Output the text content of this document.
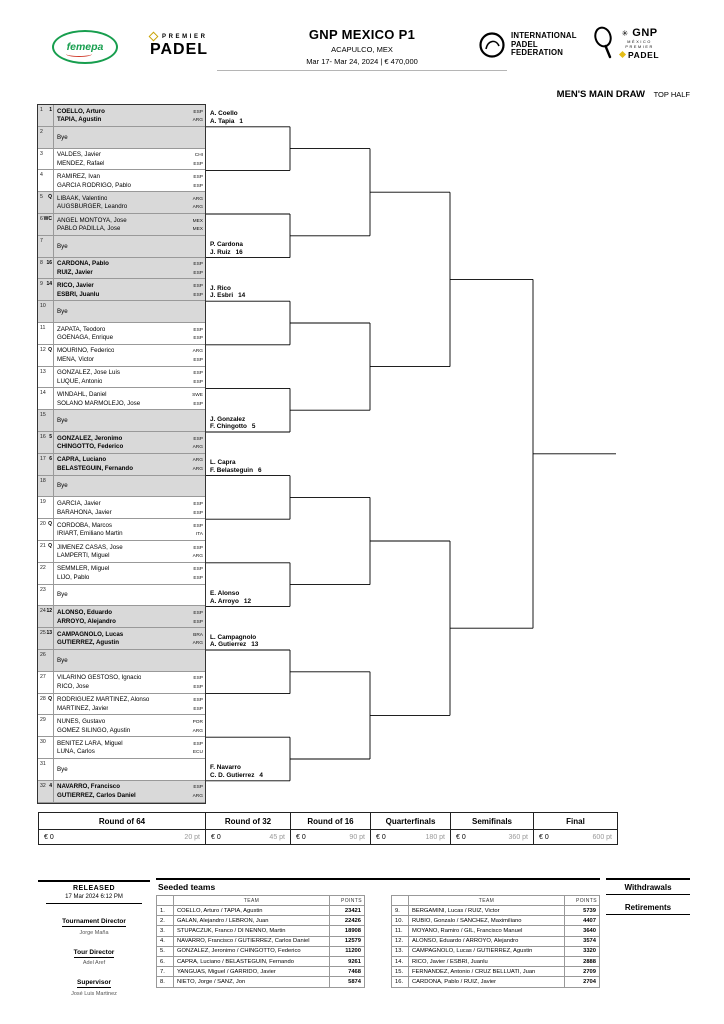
femepa
PREMIER
PADEL
GNP MEXICO P1
ACAPULCO, MEX
Mar 17- Mar 24, 2024 | € 470,000
INTERNATIONAL
PADEL
FEDERATION
✳ GNP
MÉXICO
PREMIER
PADEL
MEN'S MAIN DRAW TOP HALF
1 1 COELLO, Arturo	ESP
TAPIA, Agustin	ARG
2
Bye
3 VALDES, Javier	CHI
MENDEZ, Rafael	ESP
4 RAMIREZ, Ivan	ESP
GARCIA RODRIGO, Pablo	ESP
5 Q LIBAAK, Valentino	ARG
AUGSBURGER, Leandro	ARG
6 WC ANGEL MONTOYA, Jose	MEX
PABLO PADILLA, Jose	MEX
7
Bye
8 16 CARDONA, Pablo	ESP
RUIZ, Javier	ESP
9 14 RICO, Javier	ESP
ESBRI, Juanlu	ESP
10
Bye
11 ZAPATA, Teodoro	ESP
GOENAGA, Enrique	ESP
12 Q MOURIÑO, Federico	ARG
MENA, Victor	ESP
13 GONZALEZ, Jose Luis	ESP
LUQUE, Antonio	ESP
14 WINDAHL, Daniel	SWE
SOLANO MARMOLEJO, Jose	ESP
15
Bye
16 5 GONZALEZ, Jeronimo	ESP
CHINGOTTO, Federico	ARG
17 6 CAPRA, Luciano	ARG
BELASTEGUIN, Fernando	ARG
18
Bye
19 GARCIA, Javier	ESP
BARAHONA, Javier	ESP
20 Q CORDOBA, Marcos	ESP
IRIART, Emiliano Martin	ITA
21 Q JIMENEZ CASAS, Jose	ESP
LAMPERTI, Miguel	ARG
22 SEMMLER, Miguel	ESP
LIJO, Pablo	ESP
23
Bye
24 12 ALONSO, Eduardo	ESP
ARROYO, Alejandro	ESP
25 13 CAMPAGNOLO, Lucas	BRA
GUTIERREZ, Agustin	ARG
26
Bye
27 VILARIÑO GESTOSO, Ignacio	ESP
RICO, Jose	ESP
28 Q RODRIGUEZ MARTINEZ, Alonso	ESP
MARTINEZ, Javier	ESP
29 NUNES, Gustavo	POR
GOMEZ SILINGO, Agustin	ARG
30 BENITEZ LARA, Miguel	ESP
LUNA, Carlos	ECU
31
Bye
32 4 NAVARRO, Francisco	ESP
GUTIERREZ, Carlos Daniel	ARG
A. Coello
A. Tapia 1
P. Cardona
J. Ruiz 16
J. Rico
J. Esbri 14
J. Gonzalez
F. Chingotto 5
L. Capra
F. Belasteguin 6
E. Alonso
A. Arroyo 12
L. Campagnolo
A. Gutierrez 13
F. Navarro
C. D. Gutierrez 4
Round of 64	Round of 32	Round of 16	Quarterfinals	Semifinals	Final
€ 0	20 pt € 0	45 pt € 0	90 pt € 0	180 pt € 0	360 pt € 0	600 pt
RELEASED
17 Mar 2024 6:12 PM
Tournament Director
Jorge Maña
Tour Director
Adel Aref
Supervisor
José Luis Martinez
Seeded teams
	TEAM	POINTS
1.	COELLO, Arturo / TAPIA, Agustin	23421
2.	GALAN, Alejandro / LEBRON, Juan	22426
3.	STUPACZUK, Franco / DI NENNO, Martin	18908
4.	NAVARRO, Francisco / GUTIERREZ, Carlos Daniel	12579
5.	GONZALEZ, Jeronimo / CHINGOTTO, Federico	11200
6.	CAPRA, Luciano / BELASTEGUIN, Fernando	9261
7.	YANGUAS, Miguel / GARRIDO, Javier	7468
8.	NIETO, Jorge / SANZ, Jon	5874
	TEAM	POINTS
9.	BERGAMINI, Lucas / RUIZ, Victor	5739
10.	RUBIO, Gonzalo / SANCHEZ, Maximiliano	4407
11.	MOYANO, Ramiro / GIL, Francisco Manuel	3640
12.	ALONSO, Eduardo / ARROYO, Alejandro	3574
13.	CAMPAGNOLO, Lucas / GUTIERREZ, Agustin	3320
14.	RICO, Javier / ESBRI, Juanlu	2888
15.	FERNANDEZ, Antonio / CRUZ BELLUATI, Juan	2709
16.	CARDONA, Pablo / RUIZ, Javier	2704
Withdrawals
Retirements
